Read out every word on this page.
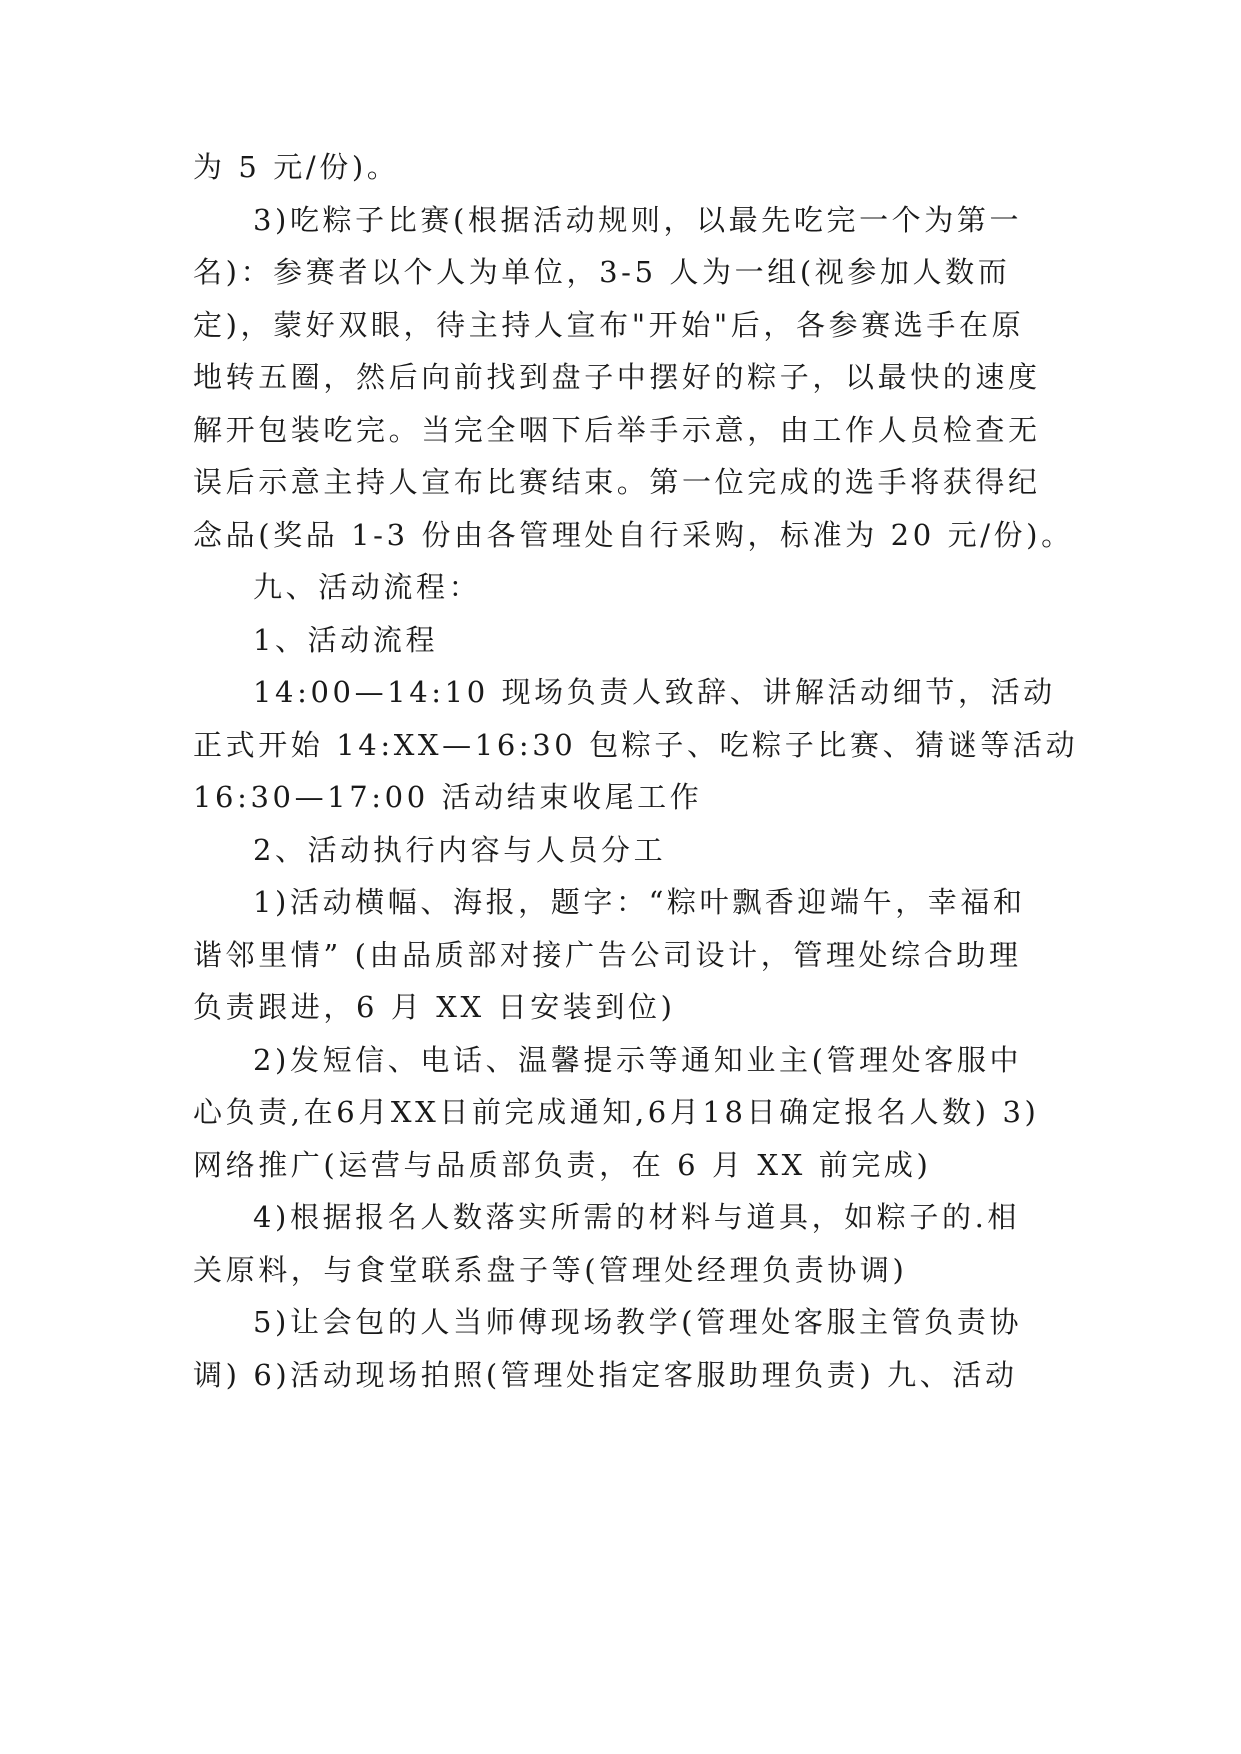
为 5 元/份)。
3)吃粽子比赛(根据活动规则，以最先吃完一个为第一
名)：参赛者以个人为单位，3-5 人为一组(视参加人数而
定)，蒙好双眼，待主持人宣布"开始"后，各参赛选手在原
地转五圈，然后向前找到盘子中摆好的粽子，以最快的速度
解开包装吃完。当完全咽下后举手示意，由工作人员检查无
误后示意主持人宣布比赛结束。第一位完成的选手将获得纪
念品(奖品 1-3 份由各管理处自行采购，标准为 20 元/份)。
九、活动流程：
1、活动流程
14:00—14:10 现场负责人致辞、讲解活动细节，活动
正式开始 14:XX—16:30 包粽子、吃粽子比赛、猜谜等活动
16:30—17:00 活动结束收尾工作
2、活动执行内容与人员分工
1)活动横幅、海报，题字：“粽叶飘香迎端午，幸福和
谐邻里情” (由品质部对接广告公司设计，管理处综合助理
负责跟进，6 月 XX 日安装到位)
2)发短信、电话、温馨提示等通知业主(管理处客服中
心负责,在6月XX日前完成通知,6月18日确定报名人数) 3)
网络推广(运营与品质部负责，在 6 月 XX 前完成)
4)根据报名人数落实所需的材料与道具，如粽子的.相
关原料，与食堂联系盘子等(管理处经理负责协调)
5)让会包的人当师傅现场教学(管理处客服主管负责协
调) 6)活动现场拍照(管理处指定客服助理负责) 九、活动
